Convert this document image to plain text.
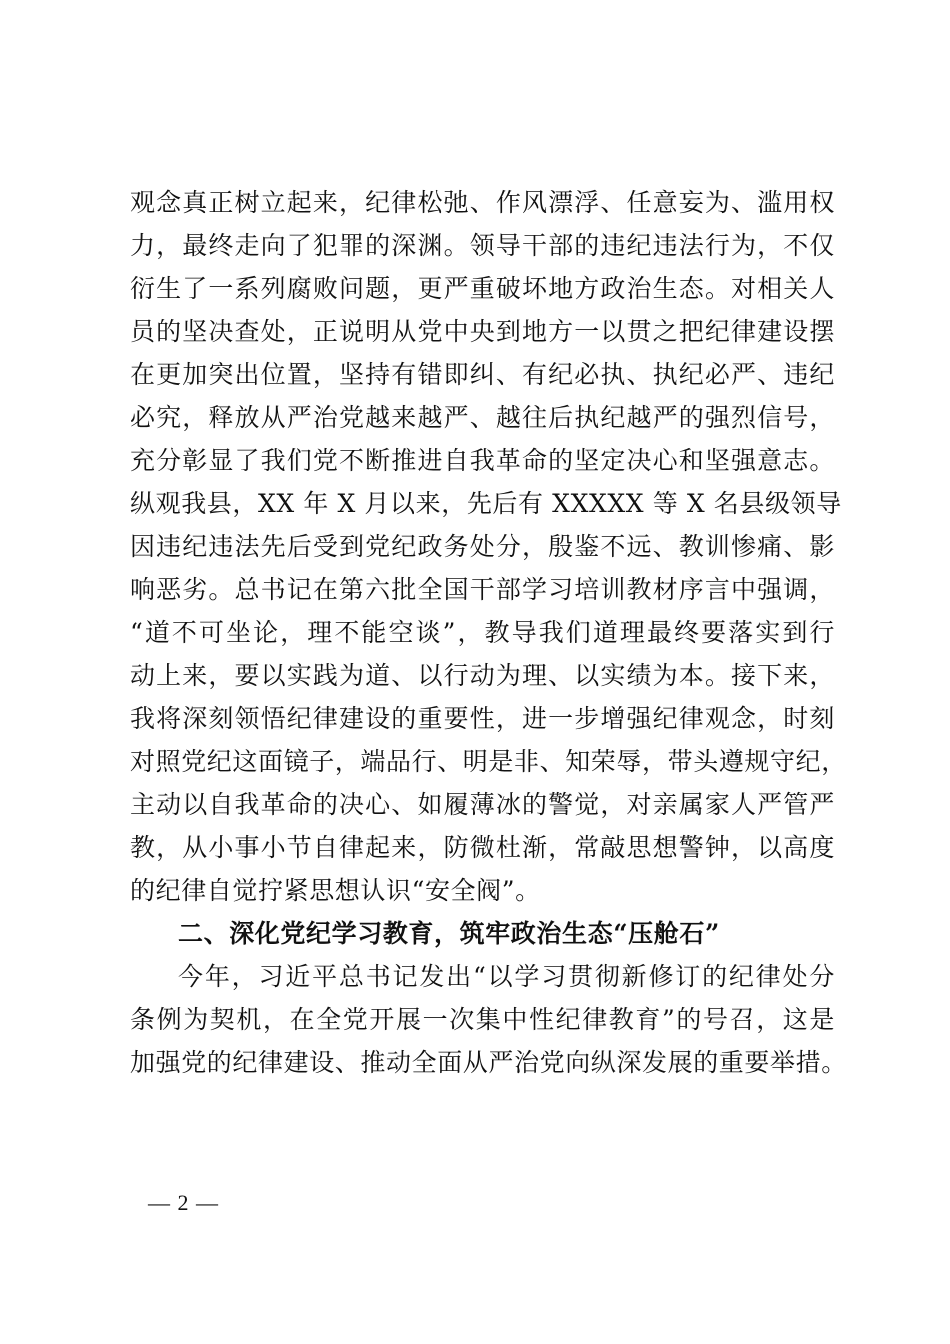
观念真正树立起来，纪律松弛、作风漂浮、任意妄为、滥用权
力，最终走向了犯罪的深渊。领导干部的违纪违法行为，不仅
衍生了一系列腐败问题，更严重破坏地方政治生态。对相关人
员的坚决查处，正说明从党中央到地方一以贯之把纪律建设摆
在更加突出位置，坚持有错即纠、有纪必执、执纪必严、违纪
必究，释放从严治党越来越严、越往后执纪越严的强烈信号，
充分彰显了我们党不断推进自我革命的坚定决心和坚强意志。
纵观我县，XX 年 X 月以来，先后有 XXXXX 等 X 名县级领导
因违纪违法先后受到党纪政务处分，殷鉴不远、教训惨痛、影
响恶劣。总书记在第六批全国干部学习培训教材序言中强调，
“道不可坐论，理不能空谈”，教导我们道理最终要落实到行
动上来，要以实践为道、以行动为理、以实绩为本。接下来，
我将深刻领悟纪律建设的重要性，进一步增强纪律观念，时刻
对照党纪这面镜子，端品行、明是非、知荣辱，带头遵规守纪，
主动以自我革命的决心、如履薄冰的警觉，对亲属家人严管严
教，从小事小节自律起来，防微杜渐，常敲思想警钟，以高度
的纪律自觉拧紧思想认识“安全阀”。
二、深化党纪学习教育，筑牢政治生态“压舱石”
今年，习近平总书记发出“以学习贯彻新修订的纪律处分
条例为契机，在全党开展一次集中性纪律教育”的号召，这是
加强党的纪律建设、推动全面从严治党向纵深发展的重要举措。
— 2 —
